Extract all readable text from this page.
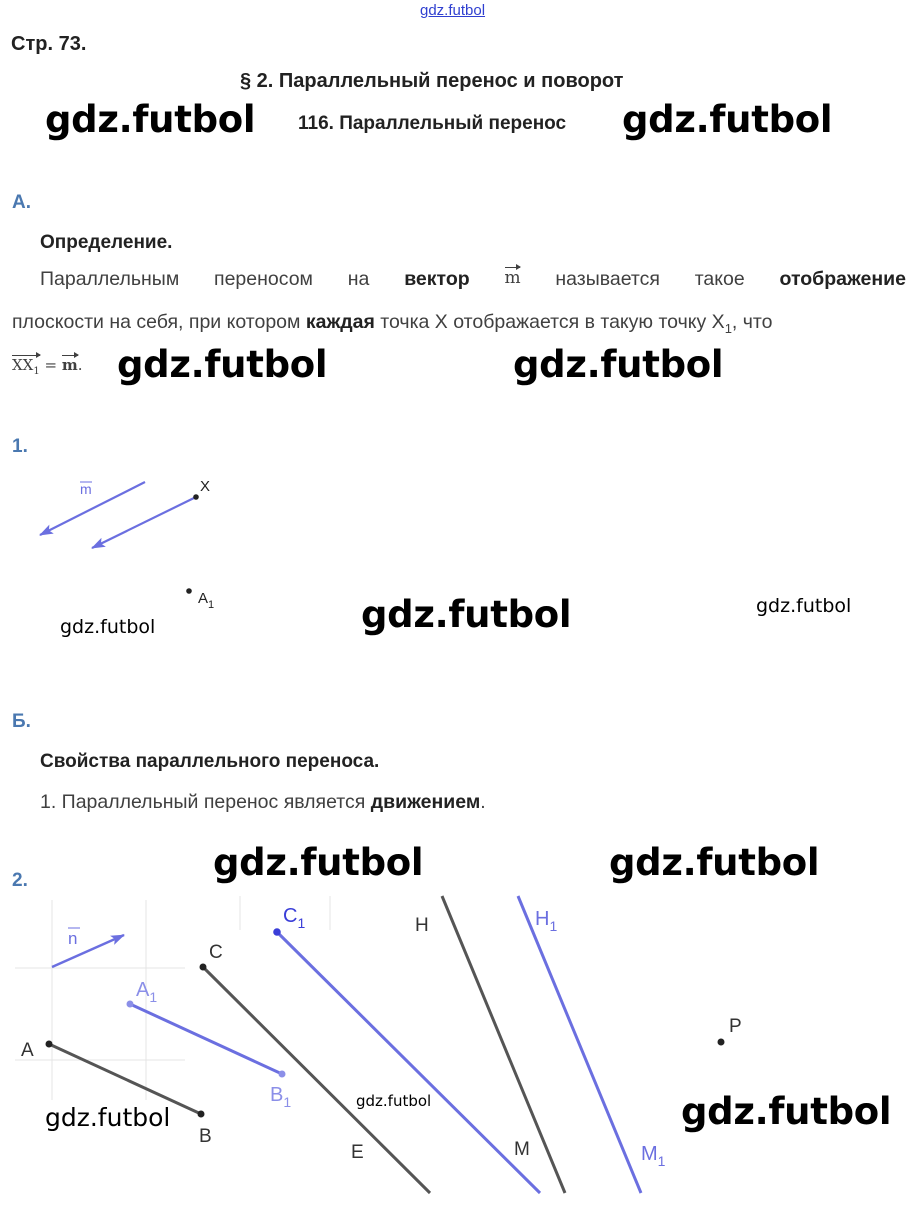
gdz.futbol
gdz.futbol	gdz.futbol
gdz.futbol	gdz.futbol
gdz.futbol
gdz.futbol
gdz.futbol
gdz.futbol	gdz.futbol
gdz.futbol
gdz.futbol	gdz.futbol
Стр. 73.
§ 2. Параллельный перенос и поворот
116. Параллельный перенос
А.
Определение.
Параллельным переносом на вектор m называется такое отображение
плоскости на себя, при котором каждая точка X отображается в такую точку $X_1$, что
$XX_1 = m$.
1.
m	X
$A_1$
Б.
Свойства параллельного переноса.
1. Параллельный перенос является движением.
2.
n
A
B
C
E
H
M
P
$A_1$
$B_1$
$C_1$	$H_1$
$M_1$
